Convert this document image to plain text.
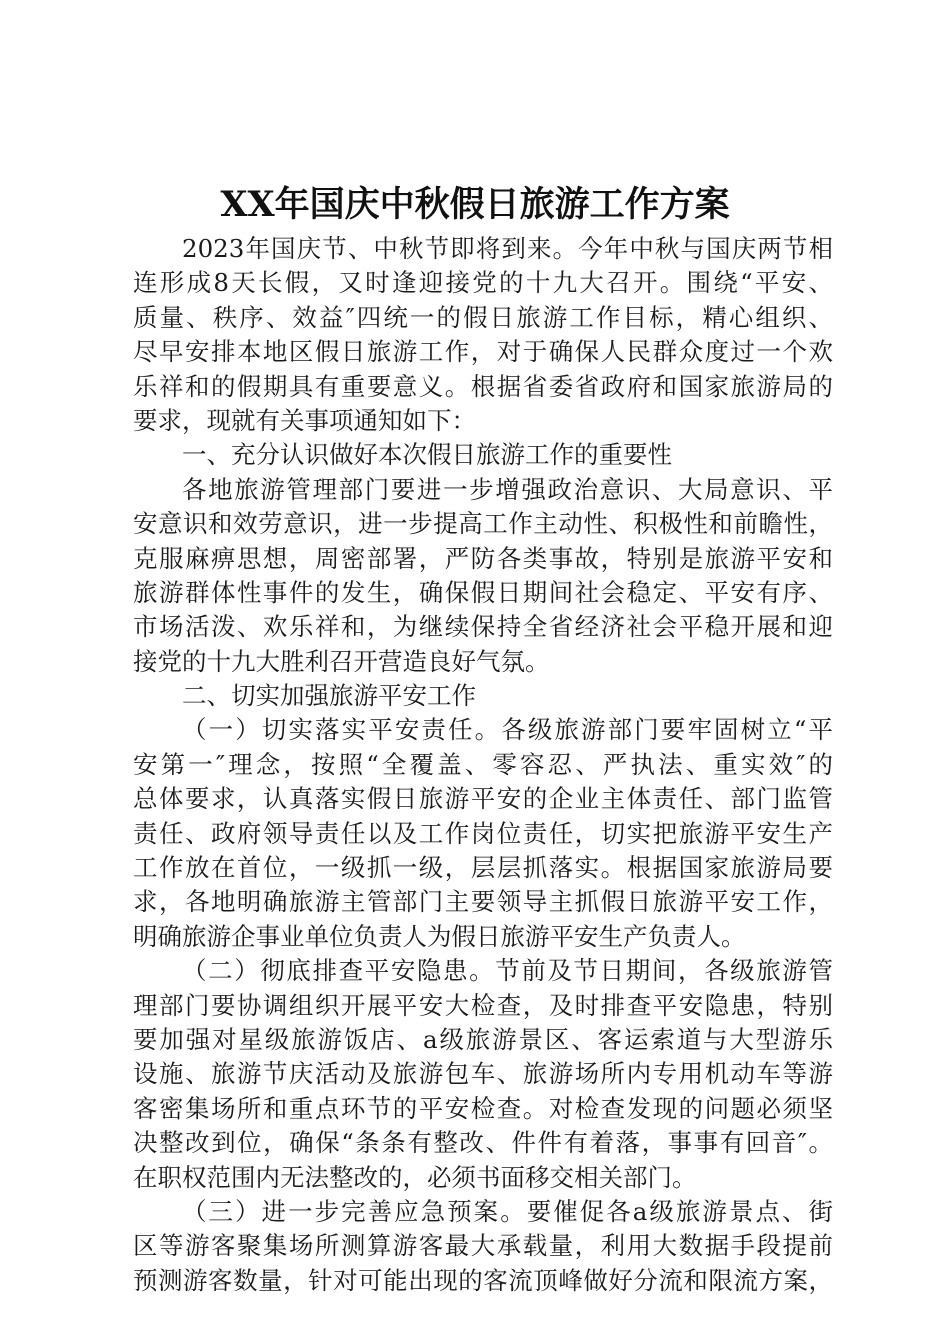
XX年国庆中秋假日旅游工作方案
2023年国庆节、中秋节即将到来。今年中秋与国庆两节相
连形成8天长假，又时逢迎接党的十九大召开。围绕“平安、
质量、秩序、效益″四统一的假日旅游工作目标，精心组织、
尽早安排本地区假日旅游工作，对于确保人民群众度过一个欢
乐祥和的假期具有重要意义。根据省委省政府和国家旅游局的
要求，现就有关事项通知如下：
一、充分认识做好本次假日旅游工作的重要性
各地旅游管理部门要进一步增强政治意识、大局意识、平
安意识和效劳意识，进一步提高工作主动性、积极性和前瞻性，
克服麻痹思想，周密部署，严防各类事故，特别是旅游平安和
旅游群体性事件的发生，确保假日期间社会稳定、平安有序、
市场活泼、欢乐祥和，为继续保持全省经济社会平稳开展和迎
接党的十九大胜利召开营造良好气氛。
二、切实加强旅游平安工作
（一）切实落实平安责任。各级旅游部门要牢固树立“平
安第一″理念，按照“全覆盖、零容忍、严执法、重实效″的
总体要求，认真落实假日旅游平安的企业主体责任、部门监管
责任、政府领导责任以及工作岗位责任，切实把旅游平安生产
工作放在首位，一级抓一级，层层抓落实。根据国家旅游局要
求，各地明确旅游主管部门主要领导主抓假日旅游平安工作，
明确旅游企事业单位负责人为假日旅游平安生产负责人。
（二）彻底排查平安隐患。节前及节日期间，各级旅游管
理部门要协调组织开展平安大检查，及时排查平安隐患，特别
要加强对星级旅游饭店、a级旅游景区、客运索道与大型游乐
设施、旅游节庆活动及旅游包车、旅游场所内专用机动车等游
客密集场所和重点环节的平安检查。对检查发现的问题必须坚
决整改到位，确保“条条有整改、件件有着落，事事有回音″。
在职权范围内无法整改的，必须书面移交相关部门。
（三）进一步完善应急预案。要催促各a级旅游景点、街
区等游客聚集场所测算游客最大承载量，利用大数据手段提前
预测游客数量，针对可能出现的客流顶峰做好分流和限流方案，
